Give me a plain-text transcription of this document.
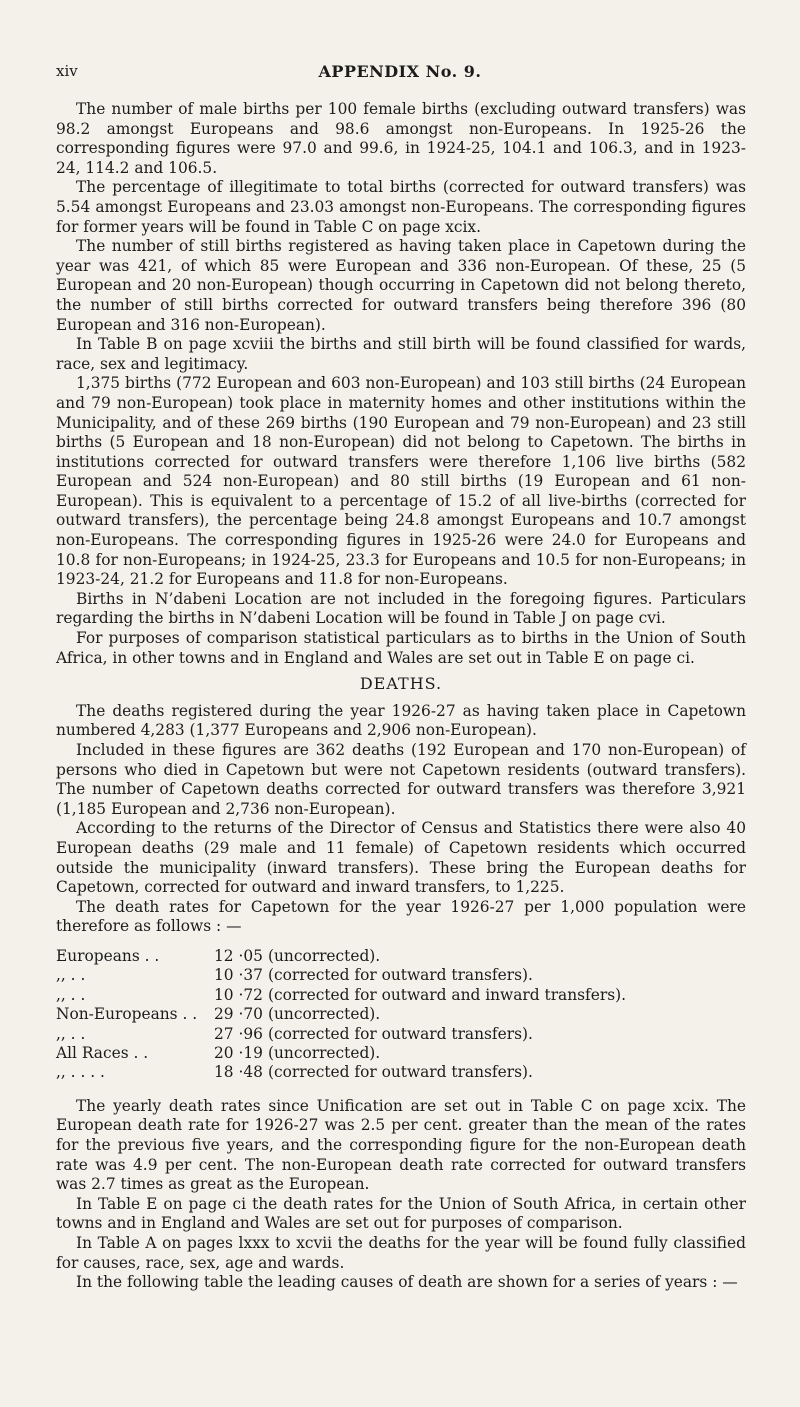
xiv	APPENDIX No. 9.

The number of male births per 100 female births (excluding outward transfers) was 98.2 amongst Europeans and 98.6 amongst non-Europeans. In 1925-26 the corresponding figures were 97.0 and 99.6, in 1924-25, 104.1 and 106.3, and in 1923-24, 114.2 and 106.5.

The percentage of illegitimate to total births (corrected for outward transfers) was 5.54 amongst Europeans and 23.03 amongst non-Europeans. The corresponding figures for former years will be found in Table C on page xcix.

The number of still births registered as having taken place in Capetown during the year was 421, of which 85 were European and 336 non-European. Of these, 25 (5 European and 20 non-European) though occurring in Capetown did not belong thereto, the number of still births corrected for outward transfers being therefore 396 (80 European and 316 non-European).

In Table B on page xcviii the births and still birth will be found classified for wards, race, sex and legitimacy.

1,375 births (772 European and 603 non-European) and 103 still births (24 European and 79 non-European) took place in maternity homes and other institutions within the Municipality, and of these 269 births (190 European and 79 non-European) and 23 still births (5 European and 18 non-European) did not belong to Capetown. The births in institutions corrected for outward transfers were therefore 1,106 live births (582 European and 524 non-European) and 80 still births (19 European and 61 non-European). This is equivalent to a percentage of 15.2 of all live-births (corrected for outward transfers), the percentage being 24.8 amongst Europeans and 10.7 amongst non-Europeans. The corresponding figures in 1925-26 were 24.0 for Europeans and 10.8 for non-Europeans; in 1924-25, 23.3 for Europeans and 10.5 for non-Europeans; in 1923-24, 21.2 for Europeans and 11.8 for non-Europeans.

Births in N’dabeni Location are not included in the foregoing figures. Particulars regarding the births in N’dabeni Location will be found in Table J on page cvi.

For purposes of comparison statistical particulars as to births in the Union of South Africa, in other towns and in England and Wales are set out in Table E on page ci.

DEATHS.

The deaths registered during the year 1926-27 as having taken place in Capetown numbered 4,283 (1,377 Europeans and 2,906 non-European).

Included in these figures are 362 deaths (192 European and 170 non-European) of persons who died in Capetown but were not Capetown residents (outward transfers). The number of Capetown deaths corrected for outward transfers was therefore 3,921 (1,185 European and 2,736 non-European).

According to the returns of the Director of Census and Statistics there were also 40 European deaths (29 male and 11 female) of Capetown residents which occurred outside the municipality (inward transfers). These bring the European deaths for Capetown, corrected for outward and inward transfers, to 1,225.

The death rates for Capetown for the year 1926-27 per 1,000 population were therefore as follows : —

Europeans . .	12 ·05 (uncorrected).
,, . .	10 ·37 (corrected for outward transfers).
,, . .	10 ·72 (corrected for outward and inward transfers).
Non-Europeans . .	29 ·70 (uncorrected).
,, . .	27 ·96 (corrected for outward transfers).
All Races . .	20 ·19 (uncorrected).
,, . . . .	18 ·48 (corrected for outward transfers).

The yearly death rates since Unification are set out in Table C on page xcix. The European death rate for 1926-27 was 2.5 per cent. greater than the mean of the rates for the previous five years, and the corresponding figure for the non-European death rate was 4.9 per cent. The non-European death rate corrected for outward transfers was 2.7 times as great as the European.

In Table E on page ci the death rates for the Union of South Africa, in certain other towns and in England and Wales are set out for purposes of comparison.

In Table A on pages lxxx to xcvii the deaths for the year will be found fully classified for causes, race, sex, age and wards.

In the following table the leading causes of death are shown for a series of years : —
